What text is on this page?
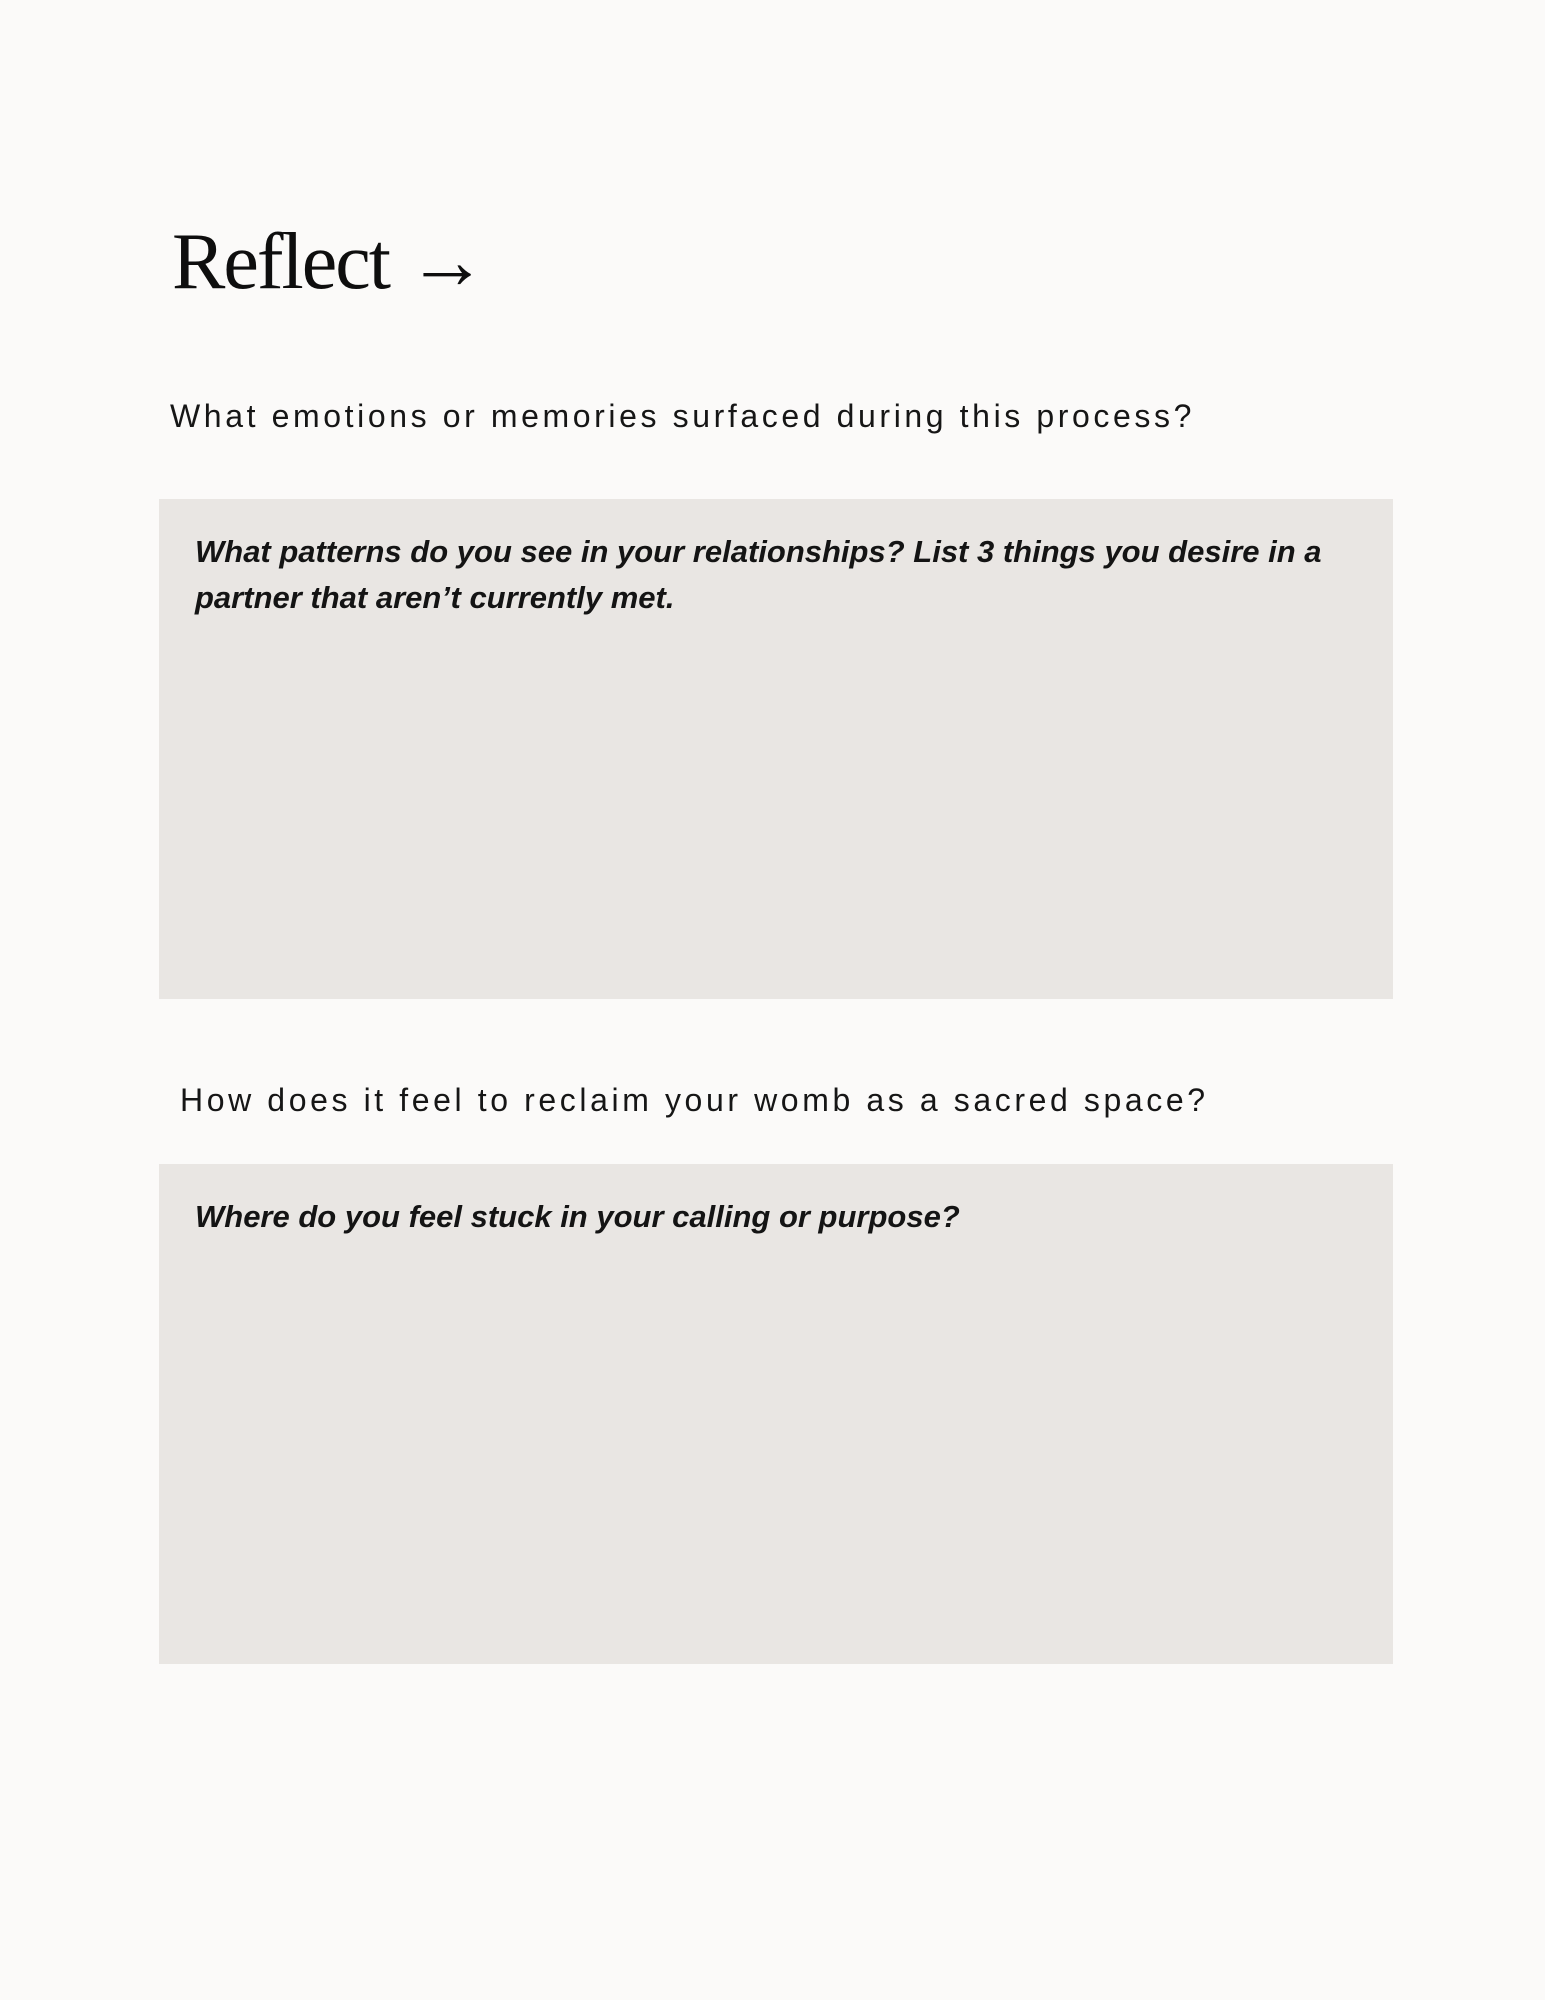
Reflect →

What emotions or memories surfaced during this process?

What patterns do you see in your relationships? List 3 things you desire in a partner that aren’t currently met.

How does it feel to reclaim your womb as a sacred space?

Where do you feel stuck in your calling or purpose?
